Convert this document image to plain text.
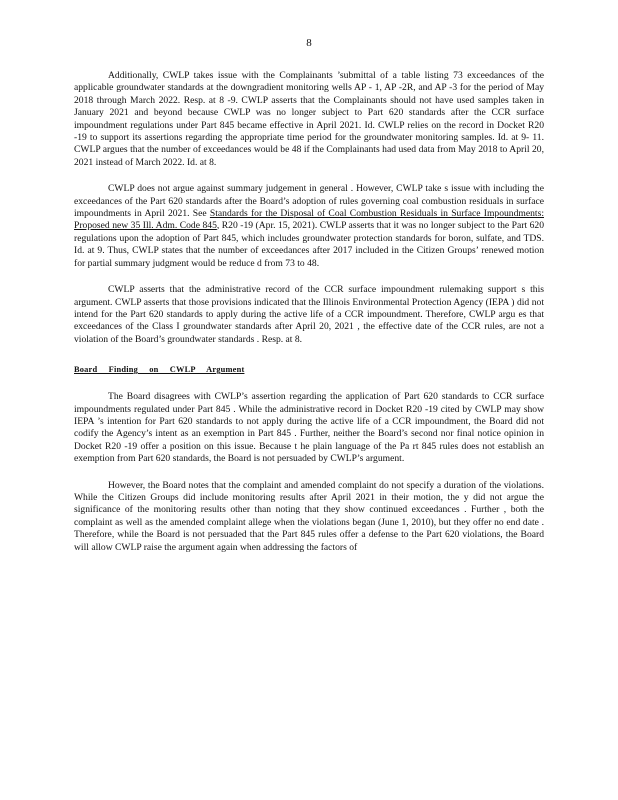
8

Additionally, CWLP takes issue with the Complainants ’submittal of a table listing 73 exceedances of the applicable groundwater standards at the downgradient monitoring wells AP - 1, AP -2R, and AP -3 for the period of May 2018 through March 2022. Resp. at 8 -9. CWLP asserts that the Complainants should not have used samples taken in January 2021 and beyond because CWLP was no longer subject to Part 620 standards after the CCR surface impoundment regulations under Part 845 became effective in April 2021. Id. CWLP relies on the record in Docket R20 -19 to support its assertions regarding the appropriate time period for the groundwater monitoring samples. Id. at 9- 11. CWLP argues that the number of exceedances would be 48 if the Complainants had used data from May 2018 to April 20, 2021 instead of March 2022. Id. at 8.

CWLP does not argue against summary judgement in general . However, CWLP take s issue with including the exceedances of the Part 620 standards after the Board’s adoption of rules governing coal combustion residuals in surface impoundments in April 2021. See Standards for the Disposal of Coal Combustion Residuals in Surface Impoundments: Proposed new 35 Ill. Adm. Code 845, R20 -19 (Apr. 15, 2021). CWLP asserts that it was no longer subject to the Part 620 regulations upon the adoption of Part 845, which includes groundwater protection standards for boron, sulfate, and TDS. Id. at 9. Thus, CWLP states that the number of exceedances after 2017 included in the Citizen Groups’ renewed motion for partial summary judgment would be reduce d from 73 to 48.

CWLP asserts that the administrative record of the CCR surface impoundment rulemaking support s this argument. CWLP asserts that those provisions indicated that the Illinois Environmental Protection Agency (IEPA ) did not intend for the Part 620 standards to apply during the active life of a CCR impoundment. Therefore, CWLP argu es that exceedances of the Class I groundwater standards after April 20, 2021 , the effective date of the CCR rules, are not a violation of the Board’s groundwater standards . Resp. at 8.

Board Finding on CWLP Argument

The Board disagrees with CWLP’s assertion regarding the application of Part 620 standards to CCR surface impoundments regulated under Part 845 . While the administrative record in Docket R20 -19 cited by CWLP may show IEPA ’s intention for Part 620 standards to not apply during the active life of a CCR impoundment, the Board did not codify the Agency’s intent as an exemption in Part 845 . Further, neither the Board’s second nor final notice opinion in Docket R20 -19 offer a position on this issue. Because t he plain language of the Pa rt 845 rules does not establish an exemption from Part 620 standards, the Board is not persuaded by CWLP’s argument.

However, the Board notes that the complaint and amended complaint do not specify a duration of the violations. While the Citizen Groups did include monitoring results after April 2021 in their motion, the y did not argue the significance of the monitoring results other than noting that they show continued exceedances . Further , both the complaint as well as the amended complaint allege when the violations began (June 1, 2010), but they offer no end date . Therefore, while the Board is not persuaded that the Part 845 rules offer a defense to the Part 620 violations, the Board will allow CWLP raise the argument again when addressing the factors of
